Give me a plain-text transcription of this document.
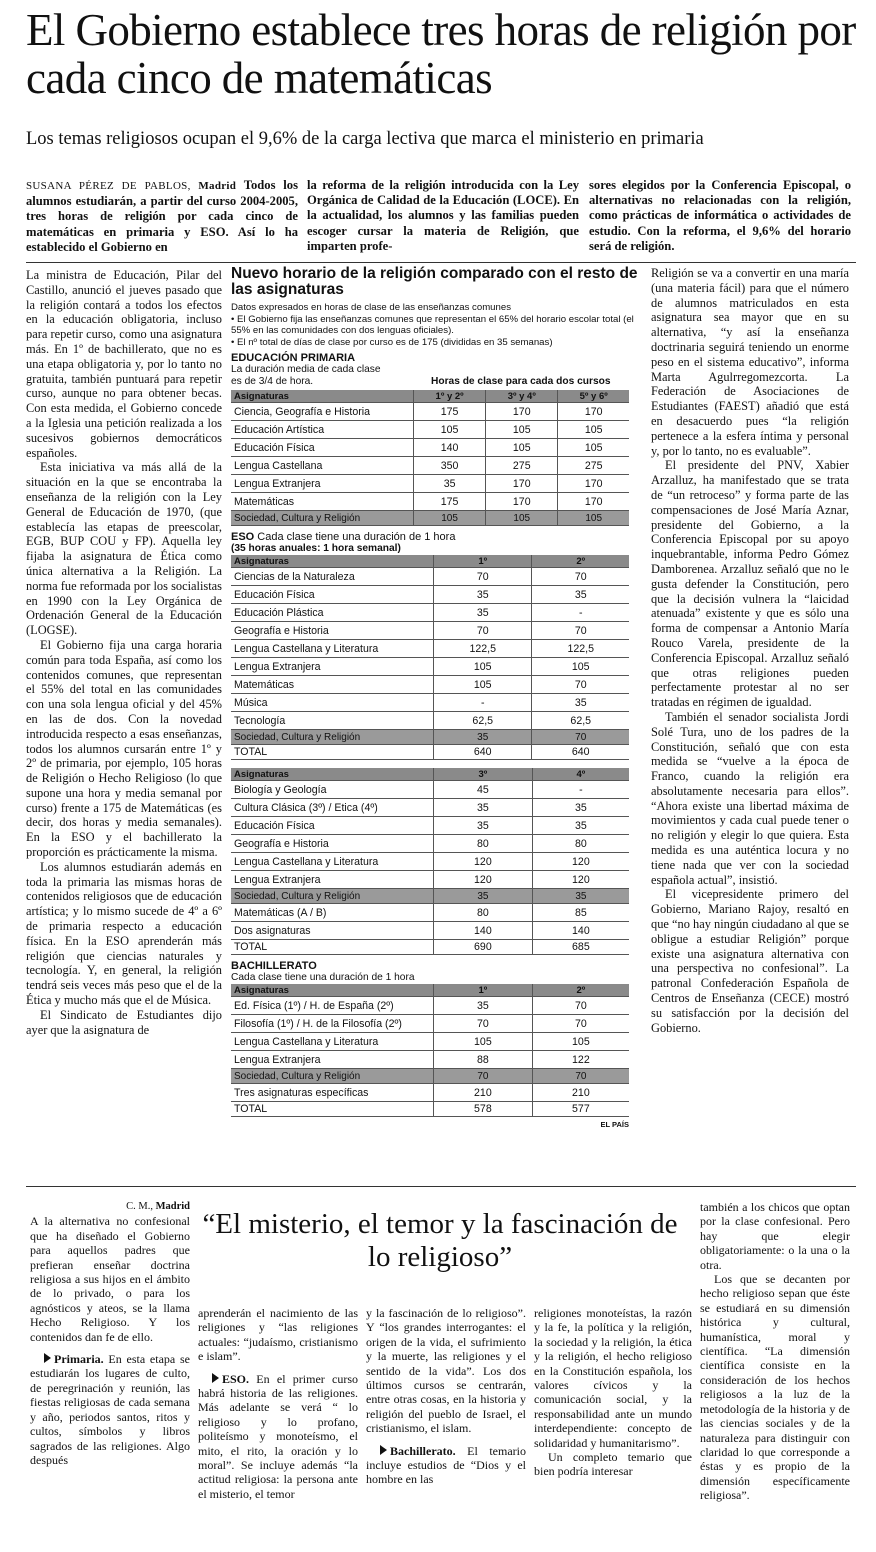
El Gobierno establece tres horas de religión por cada cinco de matemáticas

Los temas religiosos ocupan el 9,6% de la carga lectiva que marca el ministerio en primaria

SUSANA PÉREZ DE PABLOS, Madrid Todos los alumnos estudiarán, a partir del curso 2004-2005, tres horas de religión por cada cinco de matemáticas en primaria y ESO. Así lo ha establecido el Gobierno en
la reforma de la religión introducida con la Ley Orgánica de Calidad de la Educación (LOCE). En la actualidad, los alumnos y las familias pueden escoger cursar la materia de Religión, que imparten profe-
sores elegidos por la Conferencia Episcopal, o alternativas no relacionadas con la religión, como prácticas de informática o actividades de estudio. Con la reforma, el 9,6% del horario será de religión.

La ministra de Educación, Pilar del Castillo, anunció el jueves pasado que la religión contará a todos los efectos en la educación obligatoria, incluso para repetir curso, como una asignatura más. En 1º de bachillerato, que no es una etapa obligatoria y, por lo tanto no gratuita, también puntuará para repetir curso, aunque no para obtener becas. Con esta medida, el Gobierno concede a la Iglesia una petición realizada a los sucesivos gobiernos democráticos españoles.

Esta iniciativa va más allá de la situación en la que se encontraba la enseñanza de la religión con la Ley General de Educación de 1970, (que establecía las etapas de preescolar, EGB, BUP COU y FP). Aquella ley fijaba la asignatura de Ética como única alternativa a la Religión. La norma fue reformada por los socialistas en 1990 con la Ley Orgánica de Ordenación General de la Educación (LOGSE).

El Gobierno fija una carga horaria común para toda España, así como los contenidos comunes, que representan el 55% del total en las comunidades con una sola lengua oficial y del 45% en las de dos. Con la novedad introducida respecto a esas enseñanzas, todos los alumnos cursarán entre 1º y 2º de primaria, por ejemplo, 105 horas de Religión o Hecho Religioso (lo que supone una hora y media semanal por curso) frente a 175 de Matemáticas (es decir, dos horas y media semanales). En la ESO y el bachillerato la proporción es prácticamente la misma.

Los alumnos estudiarán además en toda la primaria las mismas horas de contenidos religiosos que de educación artística; y lo mismo sucede de 4º a 6º de primaria respecto a educación física. En la ESO aprenderán más religión que ciencias naturales y tecnología. Y, en general, la religión tendrá seis veces más peso que el de la Ética y mucho más que el de Música.

El Sindicato de Estudiantes dijo ayer que la asignatura de

Nuevo horario de la religión comparado con el resto de las asignaturas
Datos expresados en horas de clase de las enseñanzas comunes
• El Gobierno fija las enseñanzas comunes que representan el 65% del horario escolar total (el 55% en las comunidades con dos lenguas oficiales).
• El nº total de días de clase por curso es de 175 (divididas en 35 semanas)
EDUCACIÓN PRIMARIA
La duración media de cada clase es de 3/4 de hora.	Horas de clase para cada dos cursos
Asignaturas	1º y 2º	3º y 4º	5º y 6º
Ciencia, Geografía e Historia	175	170	170
Educación Artística	105	105	105
Educación Física	140	105	105
Lengua Castellana	350	275	275
Lengua Extranjera	35	170	170
Matemáticas	175	170	170
Sociedad, Cultura y Religión	105	105	105
ESO Cada clase tiene una duración de 1 hora
(35 horas anuales: 1 hora semanal)
Asignaturas	1º	2º
Ciencias de la Naturaleza	70	70
Educación Física	35	35
Educación Plástica	35	-
Geografía e Historia	70	70
Lengua Castellana y Literatura	122,5	122,5
Lengua Extranjera	105	105
Matemáticas	105	70
Música	-	35
Tecnología	62,5	62,5
Sociedad, Cultura y Religión	35	70
TOTAL	640	640
Asignaturas	3º	4º
Biología y Geología	45	-
Cultura Clásica (3º) / Etica (4º)	35	35
Educación Física	35	35
Geografía e Historia	80	80
Lengua Castellana y Literatura	120	120
Lengua Extranjera	120	120
Sociedad, Cultura y Religión	35	35
Matemáticas (A / B)	80	85
Dos asignaturas	140	140
TOTAL	690	685
BACHILLERATO
Cada clase tiene una duración de 1 hora
Asignaturas	1º	2º
Ed. Física (1º) / H. de España (2º)	35	70
Filosofía (1º) / H. de la Filosofía (2º)	70	70
Lengua Castellana y Literatura	105	105
Lengua Extranjera	88	122
Sociedad, Cultura y Religión	70	70
Tres asignaturas específicas	210	210
TOTAL	578	577
EL PAÍS

Religión se va a convertir en una maría (una materia fácil) para que el número de alumnos matriculados en esta asignatura sea mayor que en su alternativa, “y así la enseñanza doctrinaria seguirá teniendo un enorme peso en el sistema educativo”, informa Marta Agulrregomezcorta. La Federación de Asociaciones de Estudiantes (FAEST) añadió que está en desacuerdo pues “la religión pertenece a la esfera íntima y personal y, por lo tanto, no es evaluable”.

El presidente del PNV, Xabier Arzalluz, ha manifestado que se trata de “un retroceso” y forma parte de las compensaciones de José María Aznar, presidente del Gobierno, a la Conferencia Episcopal por su apoyo inquebrantable, informa Pedro Gómez Damborenea. Arzalluz señaló que no le gusta defender la Constitución, pero que la decisión vulnera la “laicidad atenuada” existente y que es sólo una forma de compensar a Antonio María Rouco Varela, presidente de la Conferencia Episcopal. Arzalluz señaló que otras religiones pueden perfectamente protestar al no ser tratadas en régimen de igualdad.

También el senador socialista Jordi Solé Tura, uno de los padres de la Constitución, señaló que con esta medida se “vuelve a la época de Franco, cuando la religión era absolutamente necesaria para ellos”. “Ahora existe una libertad máxima de movimientos y cada cual puede tener o no religión y elegir lo que quiera. Esta medida es una auténtica locura y no tiene nada que ver con la sociedad española actual”, insistió.

El vicepresidente primero del Gobierno, Mariano Rajoy, resaltó en que “no hay ningún ciudadano al que se obligue a estudiar Religión” porque existe una asignatura alternativa con una perspectiva no confesional”. La patronal Confederación Española de Centros de Enseñanza (CECE) mostró su satisfacción por la decisión del Gobierno.

C. M., Madrid

A la alternativa no confesional que ha diseñado el Gobierno para aquellos padres que prefieran enseñar doctrina religiosa a sus hijos en el ámbito de lo privado, o para los agnósticos y ateos, se la llama Hecho Religioso. Y los contenidos dan fe de ello.

Primaria. En esta etapa se estudiarán los lugares de culto, de peregrinación y reunión, las fiestas religiosas de cada semana y año, periodos santos, ritos y cultos, símbolos y libros sagrados de las religiones. Algo después

“El misterio, el temor y la fascinación de lo religioso”

aprenderán el nacimiento de las religiones y “las religiones actuales: “judaísmo, cristianismo e islam”.

ESO. En el primer curso habrá historia de las religiones. Más adelante se verá “ lo religioso y lo profano, politeísmo y monoteísmo, el mito, el rito, la oración y lo moral”. Se incluye además “la actitud religiosa: la persona ante el misterio, el temor

y la fascinación de lo religioso”. Y “los grandes interrogantes: el origen de la vida, el sufrimiento y la muerte, las religiones y el sentido de la vida”. Los dos últimos cursos se centrarán, entre otras cosas, en la historia y religión del pueblo de Israel, el cristianismo, el islam.

Bachillerato. El temario incluye estudios de “Dios y el hombre en las

religiones monoteístas, la razón y la fe, la política y la religión, la sociedad y la religión, la ética y la religión, el hecho religioso en la Constitución española, los valores cívicos y la comunicación social, y la responsabilidad ante un mundo interdependiente: concepto de solidaridad y humanitarismo”.

Un completo temario que bien podría interesar

también a los chicos que optan por la clase confesional. Pero hay que elegir obligatoriamente: o la una o la otra.

Los que se decanten por hecho religioso sepan que éste se estudiará en su dimensión histórica y cultural, humanística, moral y científica. “La dimensión científica consiste en la consideración de los hechos religiosos a la luz de la metodología de la historia y de las ciencias sociales y de la naturaleza para distinguir con claridad lo que corresponde a éstas y es propio de la dimensión específicamente religiosa”.
